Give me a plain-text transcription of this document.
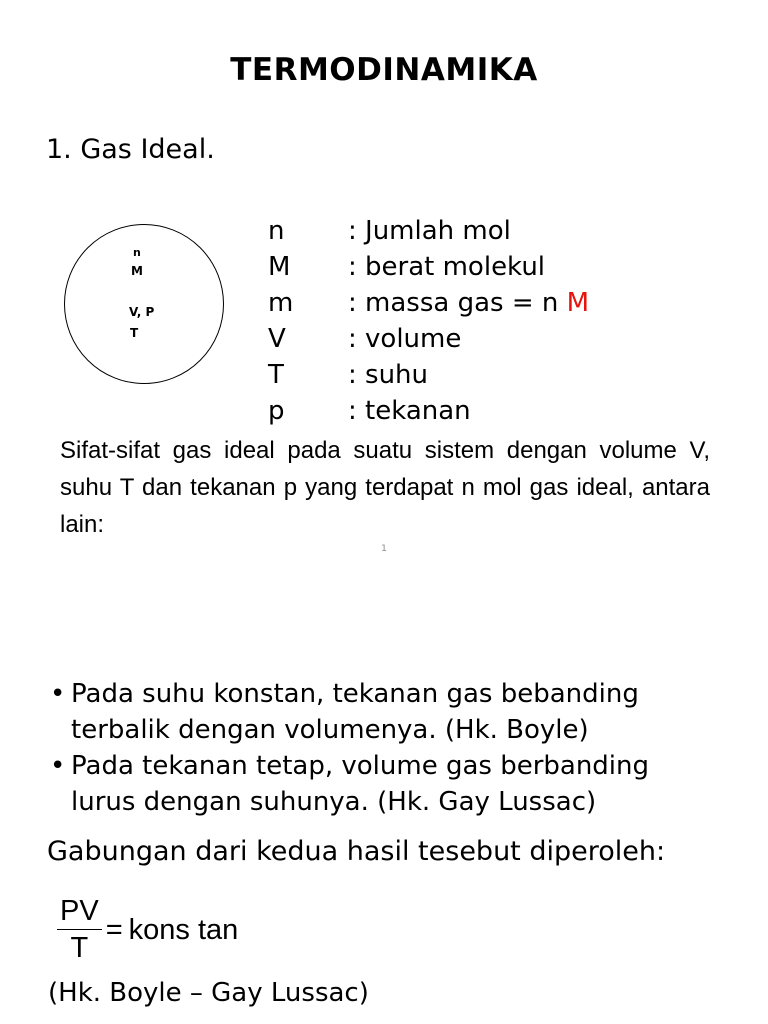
TERMODINAMIKA
1. Gas Ideal.
n
M
V, P
T
n	: Jumlah mol
M	: berat molekul
m	: massa gas = n M
V	: volume
T	: suhu
p	: tekanan
Sifat-sifat gas ideal pada suatu sistem dengan volume V, suhu T dan tekanan p yang terdapat n mol gas ideal, antara lain:
1
• Pada suhu konstan, tekanan gas bebanding terbalik dengan volumenya. (Hk. Boyle)
• Pada tekanan tetap, volume gas berbanding lurus dengan suhunya. (Hk. Gay Lussac)
Gabungan dari kedua hasil tesebut diperoleh:
$\frac{PV}{T}$ = kons tan
(Hk. Boyle – Gay Lussac)
